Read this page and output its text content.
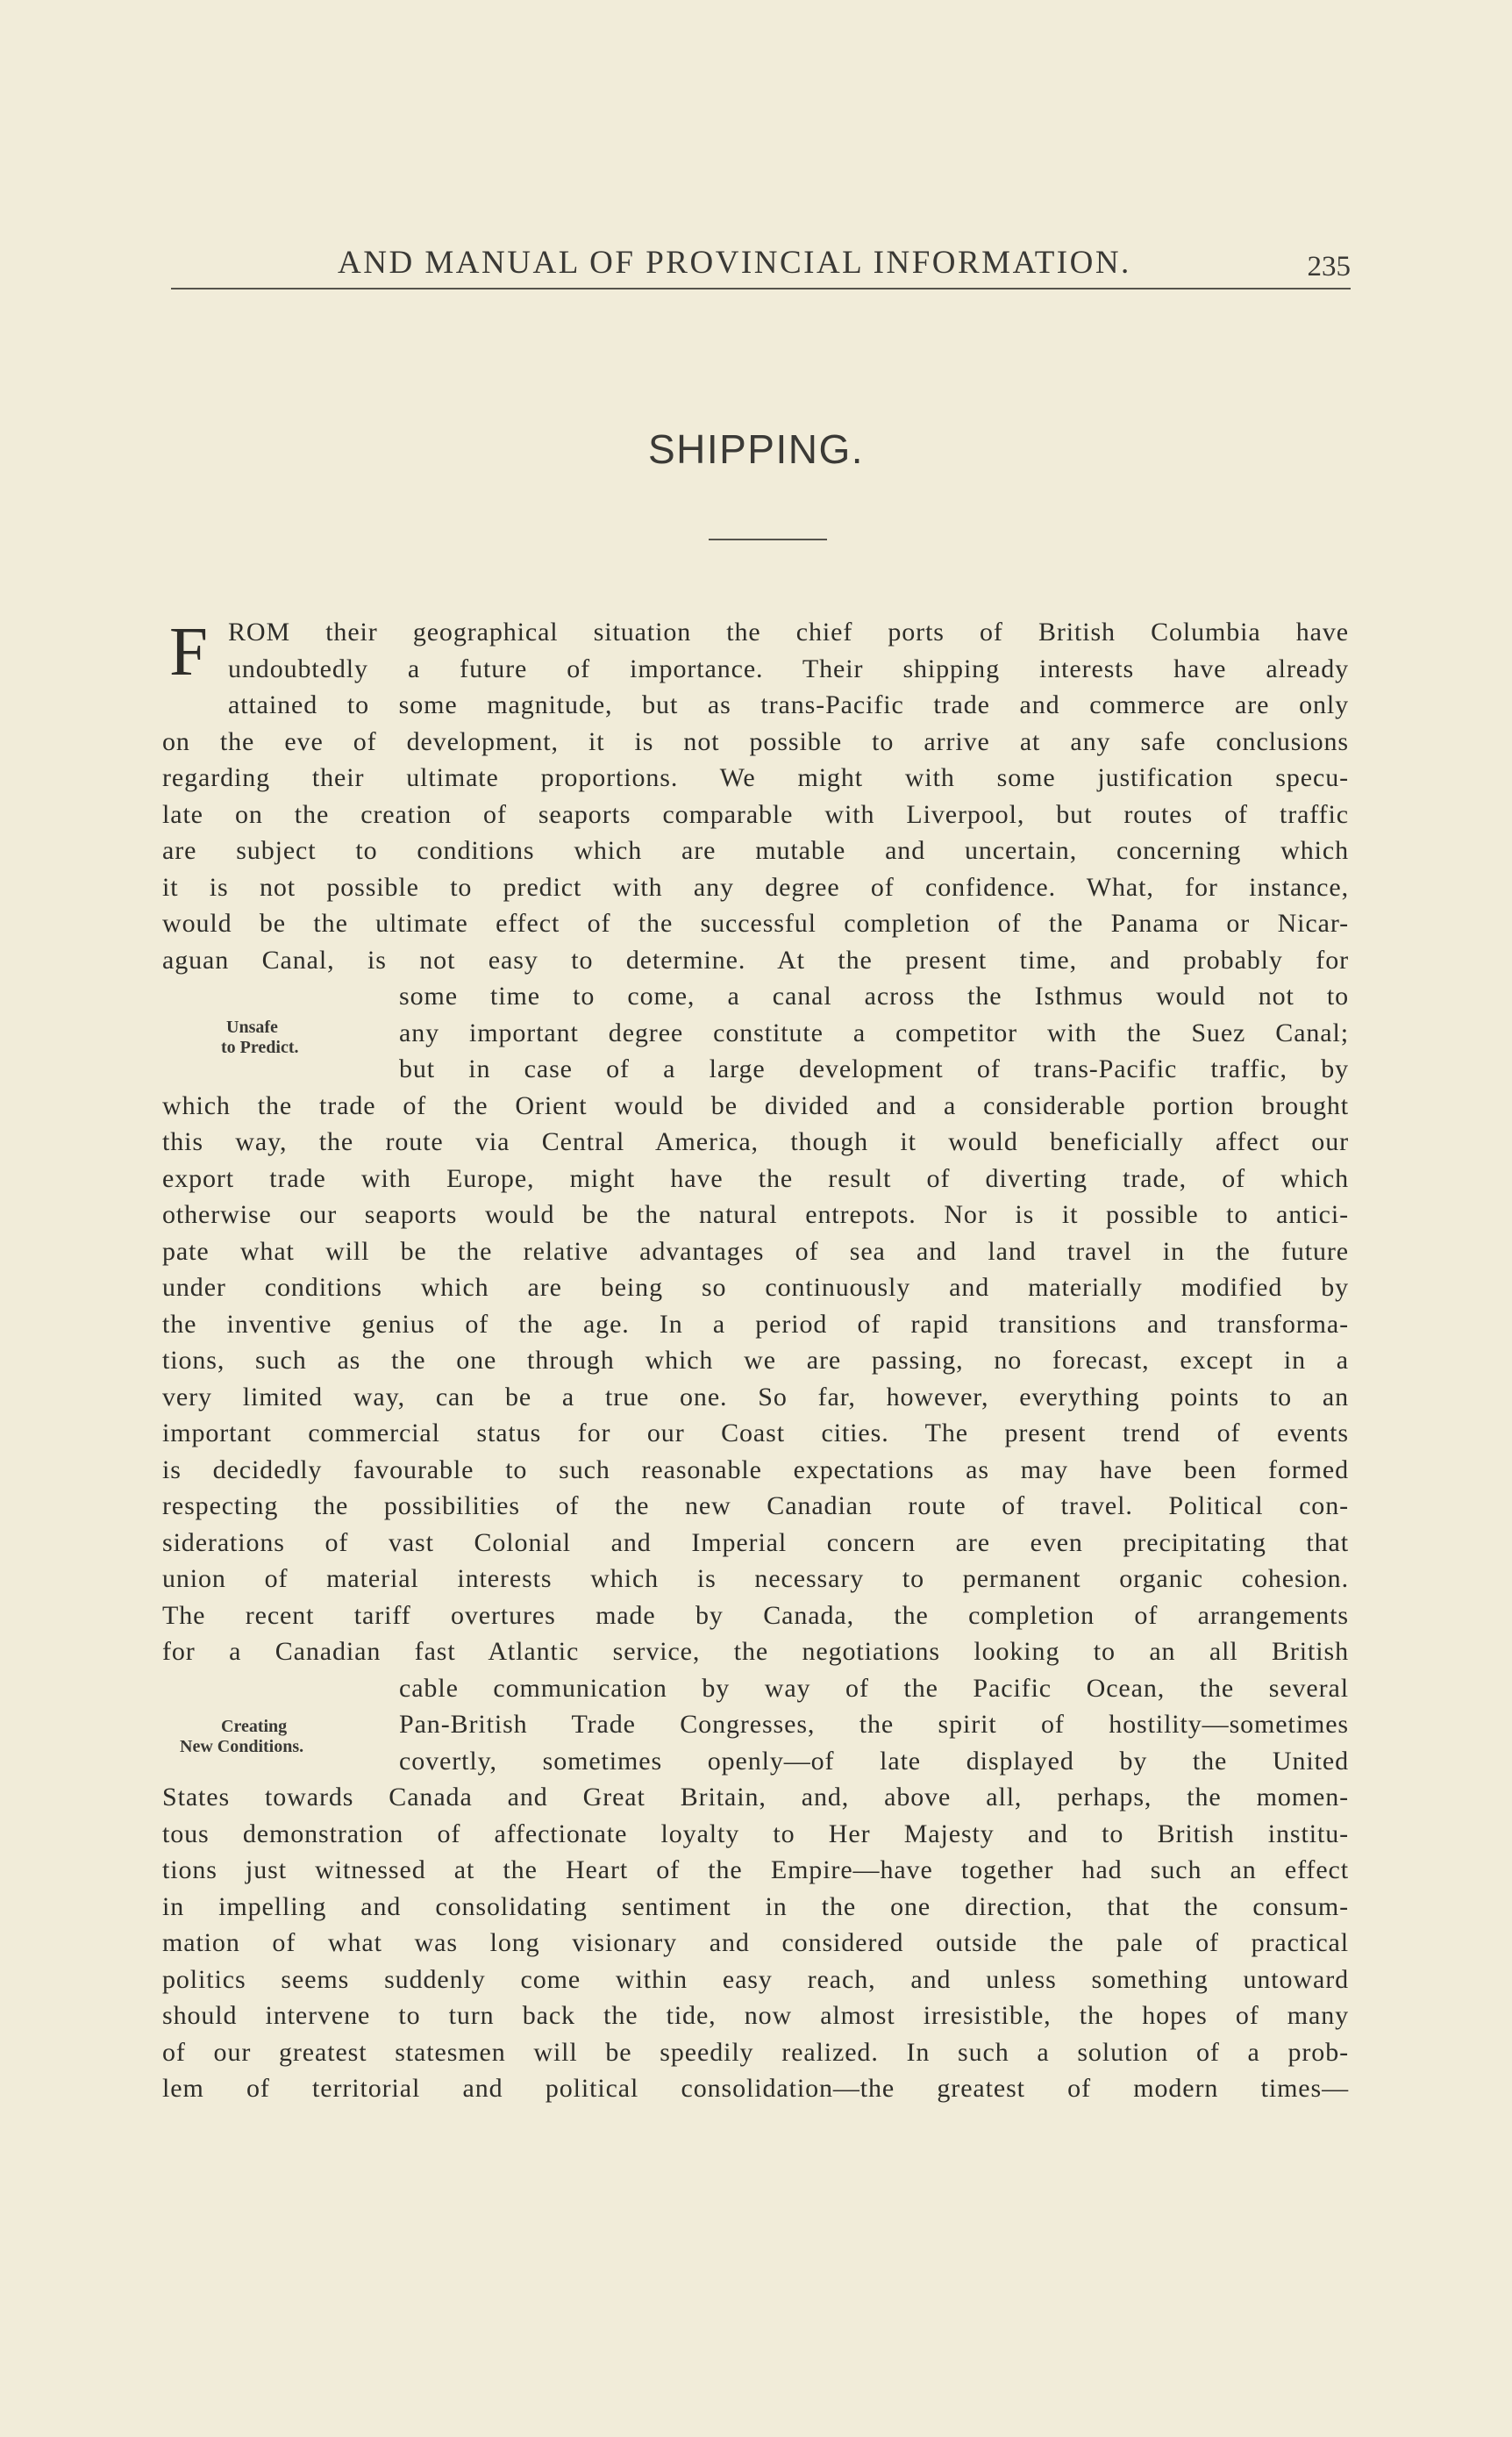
AND MANUAL OF PROVINCIAL INFORMATION.	235
SHIPPING.
Unsafe
to Predict.
Creating
New Conditions.
F ROM their geographical situation the chief ports of British Columbia have
undoubtedly a future of importance. Their shipping interests have already
attained to some magnitude, but as trans-Pacific trade and commerce are only
on the eve of development, it is not possible to arrive at any safe conclusions
regarding their ultimate proportions. We might with some justification specu-
late on the creation of seaports comparable with Liverpool, but routes of traffic
are subject to conditions which are mutable and uncertain, concerning which
it is not possible to predict with any degree of confidence. What, for instance,
would be the ultimate effect of the successful completion of the Panama or Nicar-
aguan Canal, is not easy to determine. At the present time, and probably for
some time to come, a canal across the Isthmus would not to
any important degree constitute a competitor with the Suez Canal;
but in case of a large development of trans-Pacific traffic, by
which the trade of the Orient would be divided and a considerable portion brought
this way, the route via Central America, though it would beneficially affect our
export trade with Europe, might have the result of diverting trade, of which
otherwise our seaports would be the natural entrepots. Nor is it possible to antici-
pate what will be the relative advantages of sea and land travel in the future
under conditions which are being so continuously and materially modified by
the inventive genius of the age. In a period of rapid transitions and transforma-
tions, such as the one through which we are passing, no forecast, except in a
very limited way, can be a true one. So far, however, everything points to an
important commercial status for our Coast cities. The present trend of events
is decidedly favourable to such reasonable expectations as may have been formed
respecting the possibilities of the new Canadian route of travel. Political con-
siderations of vast Colonial and Imperial concern are even precipitating that
union of material interests which is necessary to permanent organic cohesion.
The recent tariff overtures made by Canada, the completion of arrangements
for a Canadian fast Atlantic service, the negotiations looking to an all British
cable communication by way of the Pacific Ocean, the several
Pan-British Trade Congresses, the spirit of hostility—sometimes
covertly, sometimes openly—of late displayed by the United
States towards Canada and Great Britain, and, above all, perhaps, the momen-
tous demonstration of affectionate loyalty to Her Majesty and to British institu-
tions just witnessed at the Heart of the Empire—have together had such an effect
in impelling and consolidating sentiment in the one direction, that the consum-
mation of what was long visionary and considered outside the pale of practical
politics seems suddenly come within easy reach, and unless something untoward
should intervene to turn back the tide, now almost irresistible, the hopes of many
of our greatest statesmen will be speedily realized. In such a solution of a prob-
lem of territorial and political consolidation—the greatest of modern times—
